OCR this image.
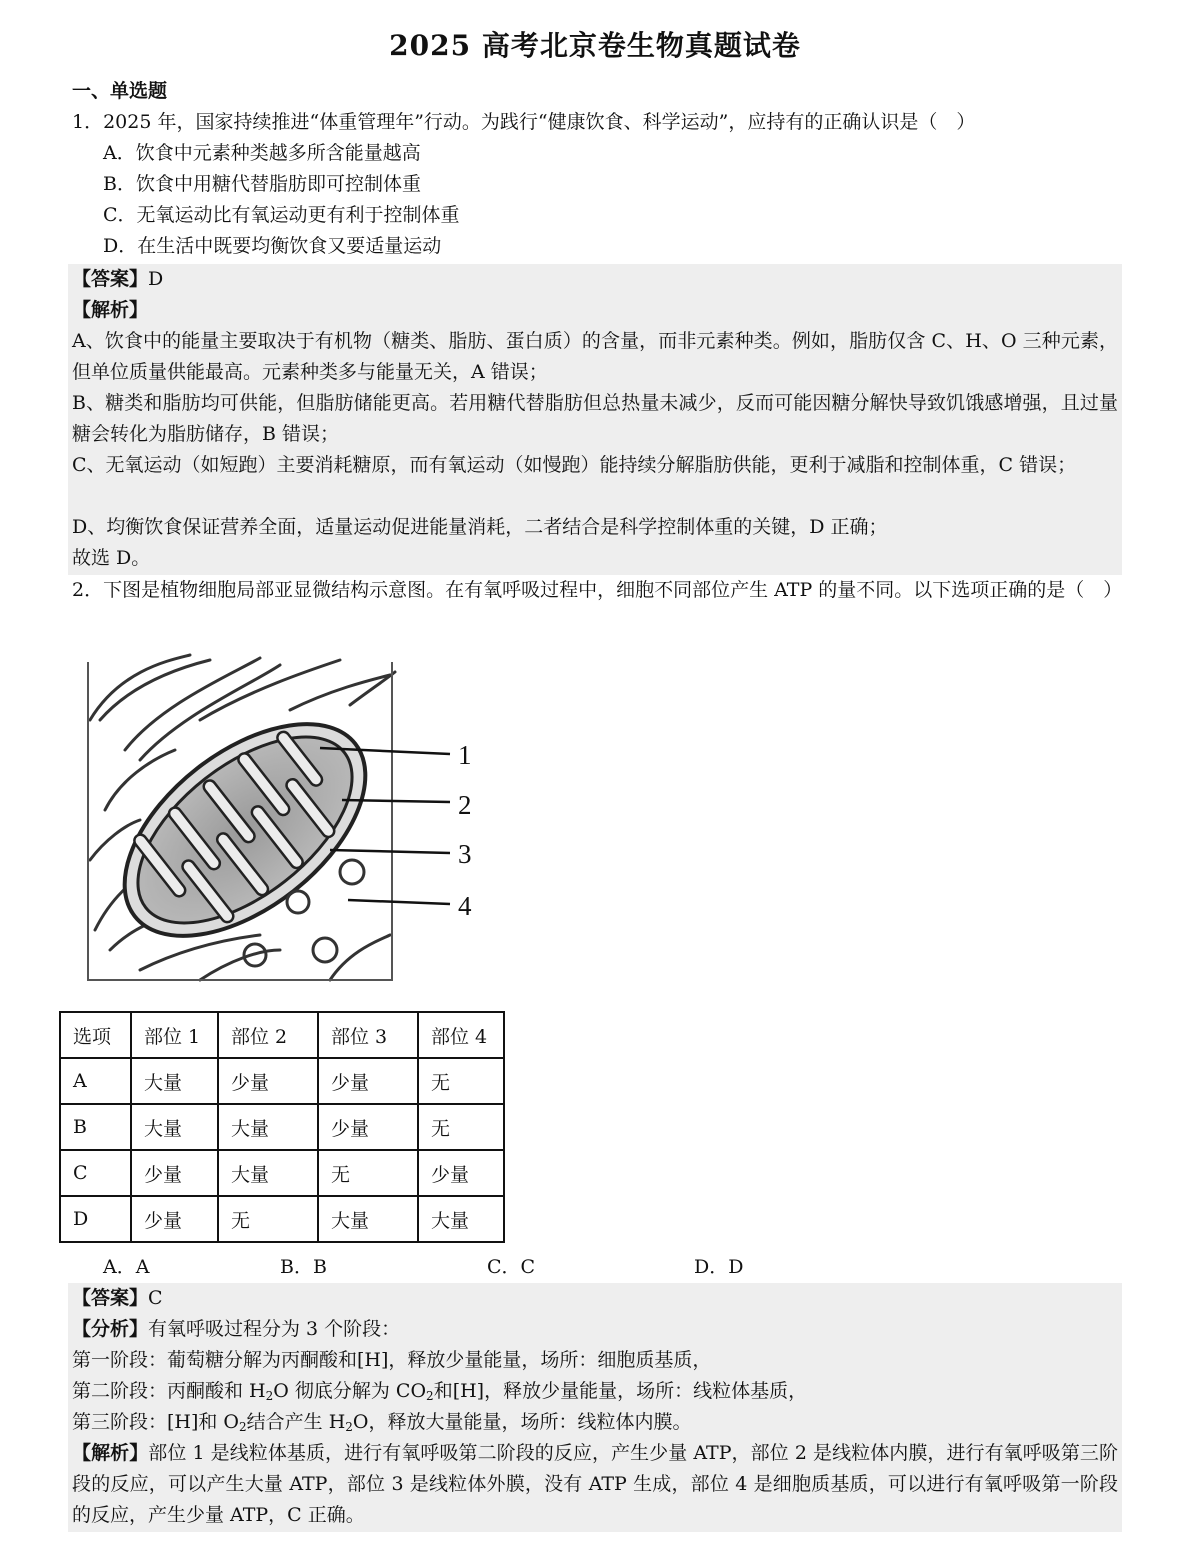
2025 高考北京卷生物真题试卷
一、单选题
1．2025 年，国家持续推进“体重管理年”行动。为践行“健康饮食、科学运动”，应持有的正确认识是（　）
A．饮食中元素种类越多所含能量越高
B．饮食中用糖代替脂肪即可控制体重
C．无氧运动比有氧运动更有利于控制体重
D．在生活中既要均衡饮食又要适量运动
【答案】D
【解析】
A、饮食中的能量主要取决于有机物（糖类、脂肪、蛋白质）的含量，而非元素种类。例如，脂肪仅含 C、H、O 三种元素，但单位质量供能最高。元素种类多与能量无关，A 错误；
B、糖类和脂肪均可供能，但脂肪储能更高。若用糖代替脂肪但总热量未减少，反而可能因糖分解快导致饥饿感增强，且过量糖会转化为脂肪储存，B 错误；
C、无氧运动（如短跑）主要消耗糖原，而有氧运动（如慢跑）能持续分解脂肪供能，更利于减脂和控制体重，C 错误；
D、均衡饮食保证营养全面，适量运动促进能量消耗，二者结合是科学控制体重的关键，D 正确；
故选 D。
2．下图是植物细胞局部亚显微结构示意图。在有氧呼吸过程中，细胞不同部位产生 ATP 的量不同。以下选项正确的是（　）
1
2
3
4
选项	部位 1	部位 2	部位 3	部位 4
A	大量	少量	少量	无
B	大量	大量	少量	无
C	少量	大量	无	少量
D	少量	无	大量	大量
A．A	B．B	C．C	D．D
【答案】C
【分析】有氧呼吸过程分为 3 个阶段：
第一阶段：葡萄糖分解为丙酮酸和[H]，释放少量能量，场所：细胞质基质，
第二阶段：丙酮酸和 $H_2O$ 彻底分解为 $CO_2$和[H]，释放少量能量，场所：线粒体基质，
第三阶段：[H]和 $O_2$结合产生 $H_2O$，释放大量能量，场所：线粒体内膜。
【解析】部位 1 是线粒体基质，进行有氧呼吸第二阶段的反应，产生少量 ATP，部位 2 是线粒体内膜，进行有氧呼吸第三阶段的反应，可以产生大量 ATP，部位 3 是线粒体外膜，没有 ATP 生成，部位 4 是细胞质基质，可以进行有氧呼吸第一阶段的反应，产生少量 ATP，C 正确。
